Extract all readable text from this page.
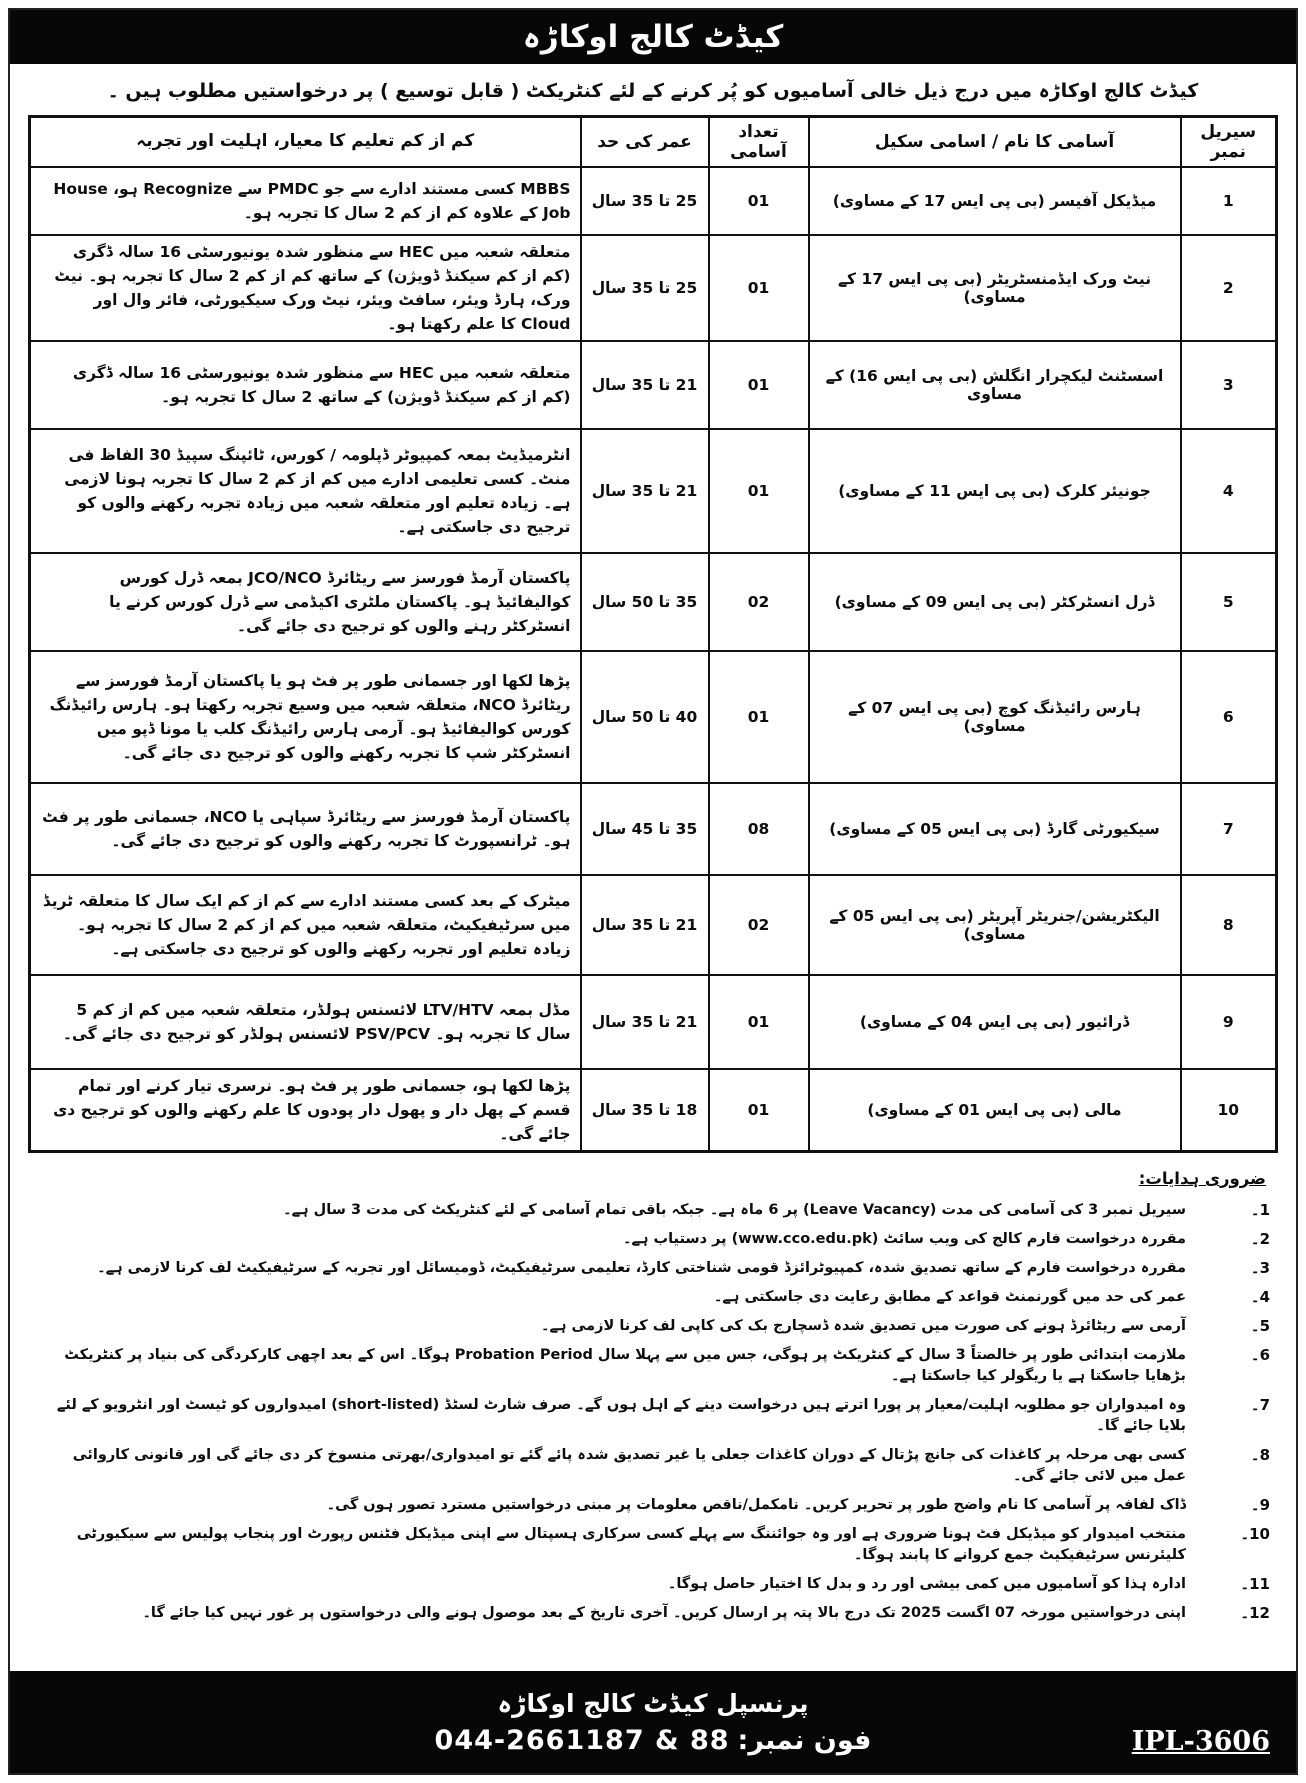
کیڈٹ کالج اوکاڑہ

کیڈٹ کالج اوکاڑہ میں درج ذیل خالی آسامیوں کو پُر کرنے کے لئے کنٹریکٹ ( قابل توسیع ) پر درخواستیں مطلوب ہیں ۔

سیریل نمبر	آسامی کا نام / اسامی سکیل	تعداد آسامی	عمر کی حد	کم از کم تعلیم کا معیار، اہلیت اور تجربہ
1	میڈیکل آفیسر (بی پی ایس 17 کے مساوی)	01	25 تا 35 سال	MBBS کسی مستند ادارے سے جو PMDC سے Recognize ہو، House Job کے علاوہ کم از کم 2 سال کا تجربہ ہو۔
2	نیٹ ورک ایڈمنسٹریٹر (بی پی ایس 17 کے مساوی)	01	25 تا 35 سال	متعلقہ شعبہ میں HEC سے منظور شدہ یونیورسٹی 16 سالہ ڈگری (کم از کم سیکنڈ ڈویژن) کے ساتھ کم از کم 2 سال کا تجربہ ہو۔ نیٹ ورک، ہارڈ ویئر، سافٹ ویئر، نیٹ ورک سیکیورٹی، فائر وال اور Cloud کا علم رکھتا ہو۔
3	اسسٹنٹ لیکچرار انگلش (بی پی ایس 16) کے مساوی	01	21 تا 35 سال	متعلقہ شعبہ میں HEC سے منظور شدہ یونیورسٹی 16 سالہ ڈگری (کم از کم سیکنڈ ڈویژن) کے ساتھ 2 سال کا تجربہ ہو۔
4	جونیئر کلرک (بی پی ایس 11 کے مساوی)	01	21 تا 35 سال	انٹرمیڈیٹ بمعہ کمپیوٹر ڈپلومہ / کورس، ٹائپنگ سپیڈ 30 الفاظ فی منٹ۔ کسی تعلیمی ادارے میں کم از کم 2 سال کا تجربہ ہونا لازمی ہے۔ زیادہ تعلیم اور متعلقہ شعبہ میں زیادہ تجربہ رکھنے والوں کو ترجیح دی جاسکتی ہے۔
5	ڈرل انسٹرکٹر (بی پی ایس 09 کے مساوی)	02	35 تا 50 سال	پاکستان آرمڈ فورسز سے ریٹائرڈ JCO/NCO بمعہ ڈرل کورس کوالیفائیڈ ہو۔ پاکستان ملٹری اکیڈمی سے ڈرل کورس کرنے یا انسٹرکٹر رہنے والوں کو ترجیح دی جائے گی۔
6	ہارس رائیڈنگ کوچ (بی پی ایس 07 کے مساوی)	01	40 تا 50 سال	پڑھا لکھا اور جسمانی طور پر فٹ ہو یا پاکستان آرمڈ فورسز سے ریٹائرڈ NCO، متعلقہ شعبہ میں وسیع تجربہ رکھتا ہو۔ ہارس رائیڈنگ کورس کوالیفائیڈ ہو۔ آرمی ہارس رائیڈنگ کلب یا مونا ڈپو میں انسٹرکٹر شپ کا تجربہ رکھنے والوں کو ترجیح دی جائے گی۔
7	سیکیورٹی گارڈ (بی پی ایس 05 کے مساوی)	08	35 تا 45 سال	پاکستان آرمڈ فورسز سے ریٹائرڈ سپاہی یا NCO، جسمانی طور پر فٹ ہو۔ ٹرانسپورٹ کا تجربہ رکھنے والوں کو ترجیح دی جائے گی۔
8	الیکٹریشن/جنریٹر آپریٹر (بی پی ایس 05 کے مساوی)	02	21 تا 35 سال	میٹرک کے بعد کسی مستند ادارے سے کم از کم ایک سال کا متعلقہ ٹریڈ میں سرٹیفیکیٹ، متعلقہ شعبہ میں کم از کم 2 سال کا تجربہ ہو۔ زیادہ تعلیم اور تجربہ رکھنے والوں کو ترجیح دی جاسکتی ہے۔
9	ڈرائیور (بی پی ایس 04 کے مساوی)	01	21 تا 35 سال	مڈل بمعہ LTV/HTV لائسنس ہولڈر، متعلقہ شعبہ میں کم از کم 5 سال کا تجربہ ہو۔ PSV/PCV لائسنس ہولڈر کو ترجیح دی جائے گی۔
10	مالی (بی پی ایس 01 کے مساوی)	01	18 تا 35 سال	پڑھا لکھا ہو، جسمانی طور پر فٹ ہو۔ نرسری تیار کرنے اور تمام قسم کے پھل دار و پھول دار پودوں کا علم رکھنے والوں کو ترجیح دی جائے گی۔
ضروری ہدایات:
1۔
سیریل نمبر 3 کی آسامی کی مدت (Leave Vacancy) پر 6 ماہ ہے۔ جبکہ باقی تمام آسامی کے لئے کنٹریکٹ کی مدت 3 سال ہے۔
2۔
مقررہ درخواست فارم کالج کی ویب سائٹ (www.cco.edu.pk) پر دستیاب ہے۔
3۔
مقررہ درخواست فارم کے ساتھ تصدیق شدہ، کمپیوٹرائزڈ قومی شناختی کارڈ، تعلیمی سرٹیفیکیٹ، ڈومیسائل اور تجربہ کے سرٹیفیکیٹ لف کرنا لازمی ہے۔
4۔
عمر کی حد میں گورنمنٹ قواعد کے مطابق رعایت دی جاسکتی ہے۔
5۔
آرمی سے ریٹائرڈ ہونے کی صورت میں تصدیق شدہ ڈسچارج بک کی کاپی لف کرنا لازمی ہے۔
6۔
ملازمت ابتدائی طور پر خالصتاً 3 سال کے کنٹریکٹ پر ہوگی، جس میں سے پہلا سال Probation Period ہوگا۔ اس کے بعد اچھی کارکردگی کی بنیاد پر کنٹریکٹ بڑھایا جاسکتا ہے یا ریگولر کیا جاسکتا ہے۔
7۔
وہ امیدواران جو مطلوبہ اہلیت/معیار پر پورا اترتے ہیں درخواست دینے کے اہل ہوں گے۔ صرف شارٹ لسٹڈ (short-listed) امیدواروں کو ٹیسٹ اور انٹرویو کے لئے بلایا جائے گا۔
8۔
کسی بھی مرحلہ پر کاغذات کی جانچ پڑتال کے دوران کاغذات جعلی یا غیر تصدیق شدہ پائے گئے تو امیدواری/بھرتی منسوخ کر دی جائے گی اور قانونی کاروائی عمل میں لائی جائے گی۔
9۔
ڈاک لفافہ پر آسامی کا نام واضح طور پر تحریر کریں۔ نامکمل/ناقص معلومات پر مبنی درخواستیں مسترد تصور ہوں گی۔
10۔
منتخب امیدوار کو میڈیکل فٹ ہونا ضروری ہے اور وہ جوائننگ سے پہلے کسی سرکاری ہسپتال سے اپنی میڈیکل فٹنس رپورٹ اور پنجاب پولیس سے سیکیورٹی کلیئرنس سرٹیفیکیٹ جمع کروانے کا پابند ہوگا۔
11۔
ادارہ ہذا کو آسامیوں میں کمی بیشی اور رد و بدل کا اختیار حاصل ہوگا۔
12۔
اپنی درخواستیں مورخہ 07 اگست 2025 تک درج بالا پتہ پر ارسال کریں۔ آخری تاریخ کے بعد موصول ہونے والی درخواستوں پر غور نہیں کیا جائے گا۔
پرنسپل کیڈٹ کالج اوکاڑہ
فون نمبر:
044-2661187 & 88	IPL-3606
